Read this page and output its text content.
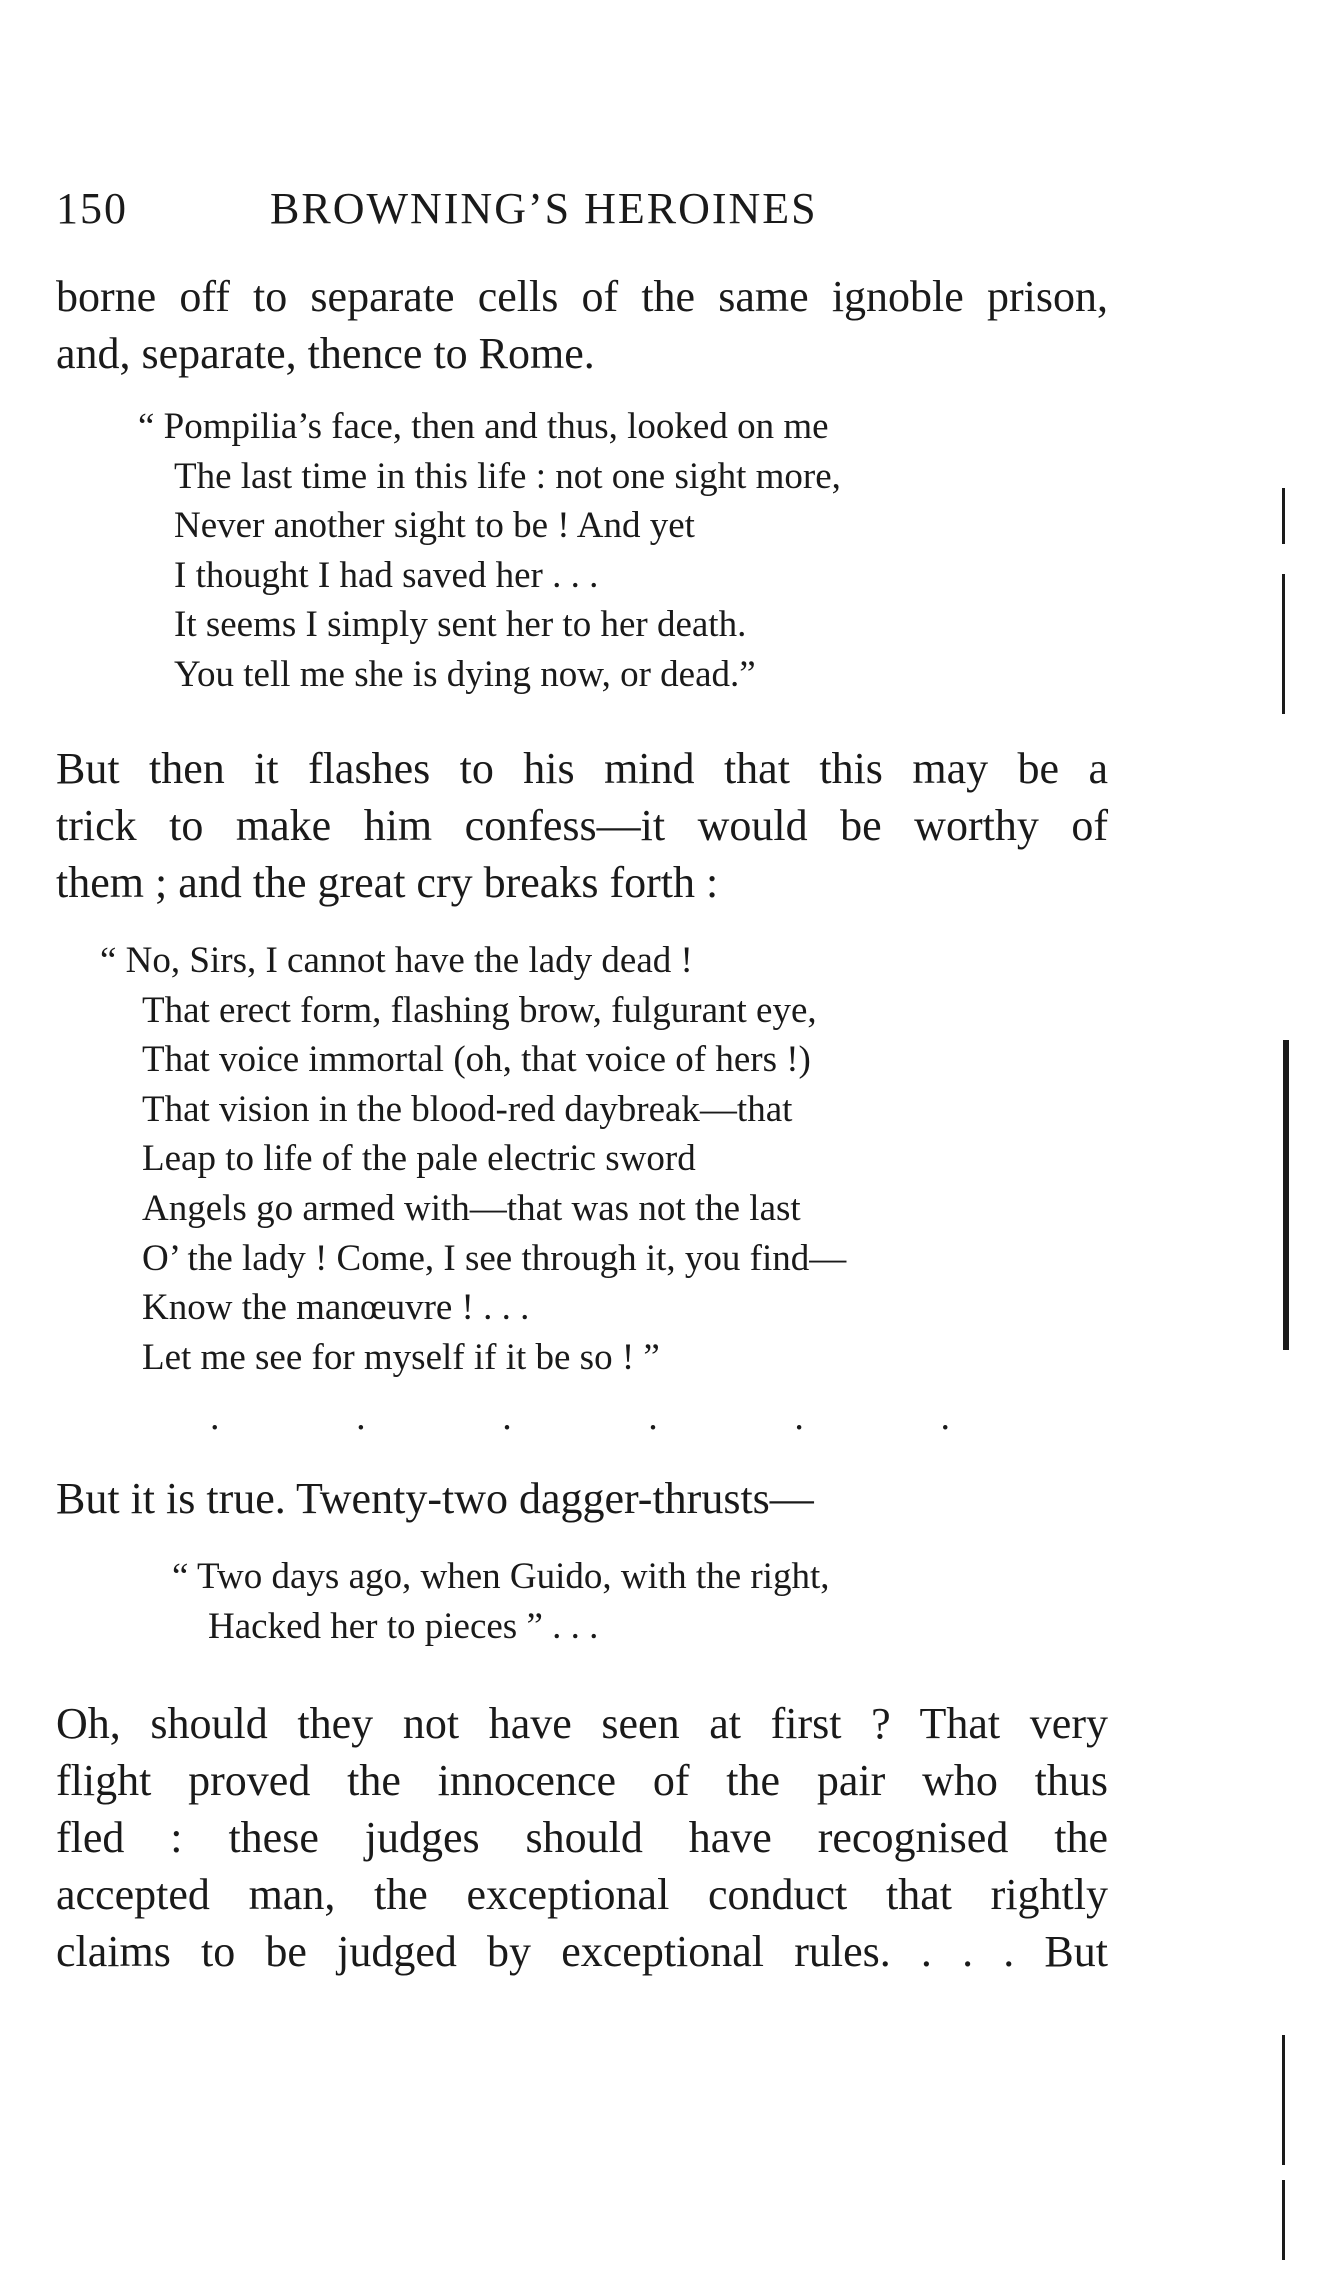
150	BROWNING’S HEROINES

borne off to separate cells of the same ignoble prison,
and, separate, thence to Rome.

“ Pompilia’s face, then and thus, looked on me
The last time in this life : not one sight more,
Never another sight to be ! And yet
I thought I had saved her . . .
It seems I simply sent her to her death.
You tell me she is dying now, or dead.”

But then it flashes to his mind that this may be a
trick to make him confess—it would be worthy of
them ; and the great cry breaks forth :

“ No, Sirs, I cannot have the lady dead !
That erect form, flashing brow, fulgurant eye,
That voice immortal (oh, that voice of hers !)
That vision in the blood-red daybreak—that
Leap to life of the pale electric sword
Angels go armed with—that was not the last
O’ the lady ! Come, I see through it, you find—
Know the manœuvre ! . . .
Let me see for myself if it be so ! ”
.	.	.	.	.	.

But it is true. Twenty-two dagger-thrusts—

“ Two days ago, when Guido, with the right,
Hacked her to pieces ” . . .

Oh, should they not have seen at first ? That very
flight proved the innocence of the pair who thus
fled : these judges should have recognised the
accepted man, the exceptional conduct that rightly
claims to be judged by exceptional rules. . . . But
